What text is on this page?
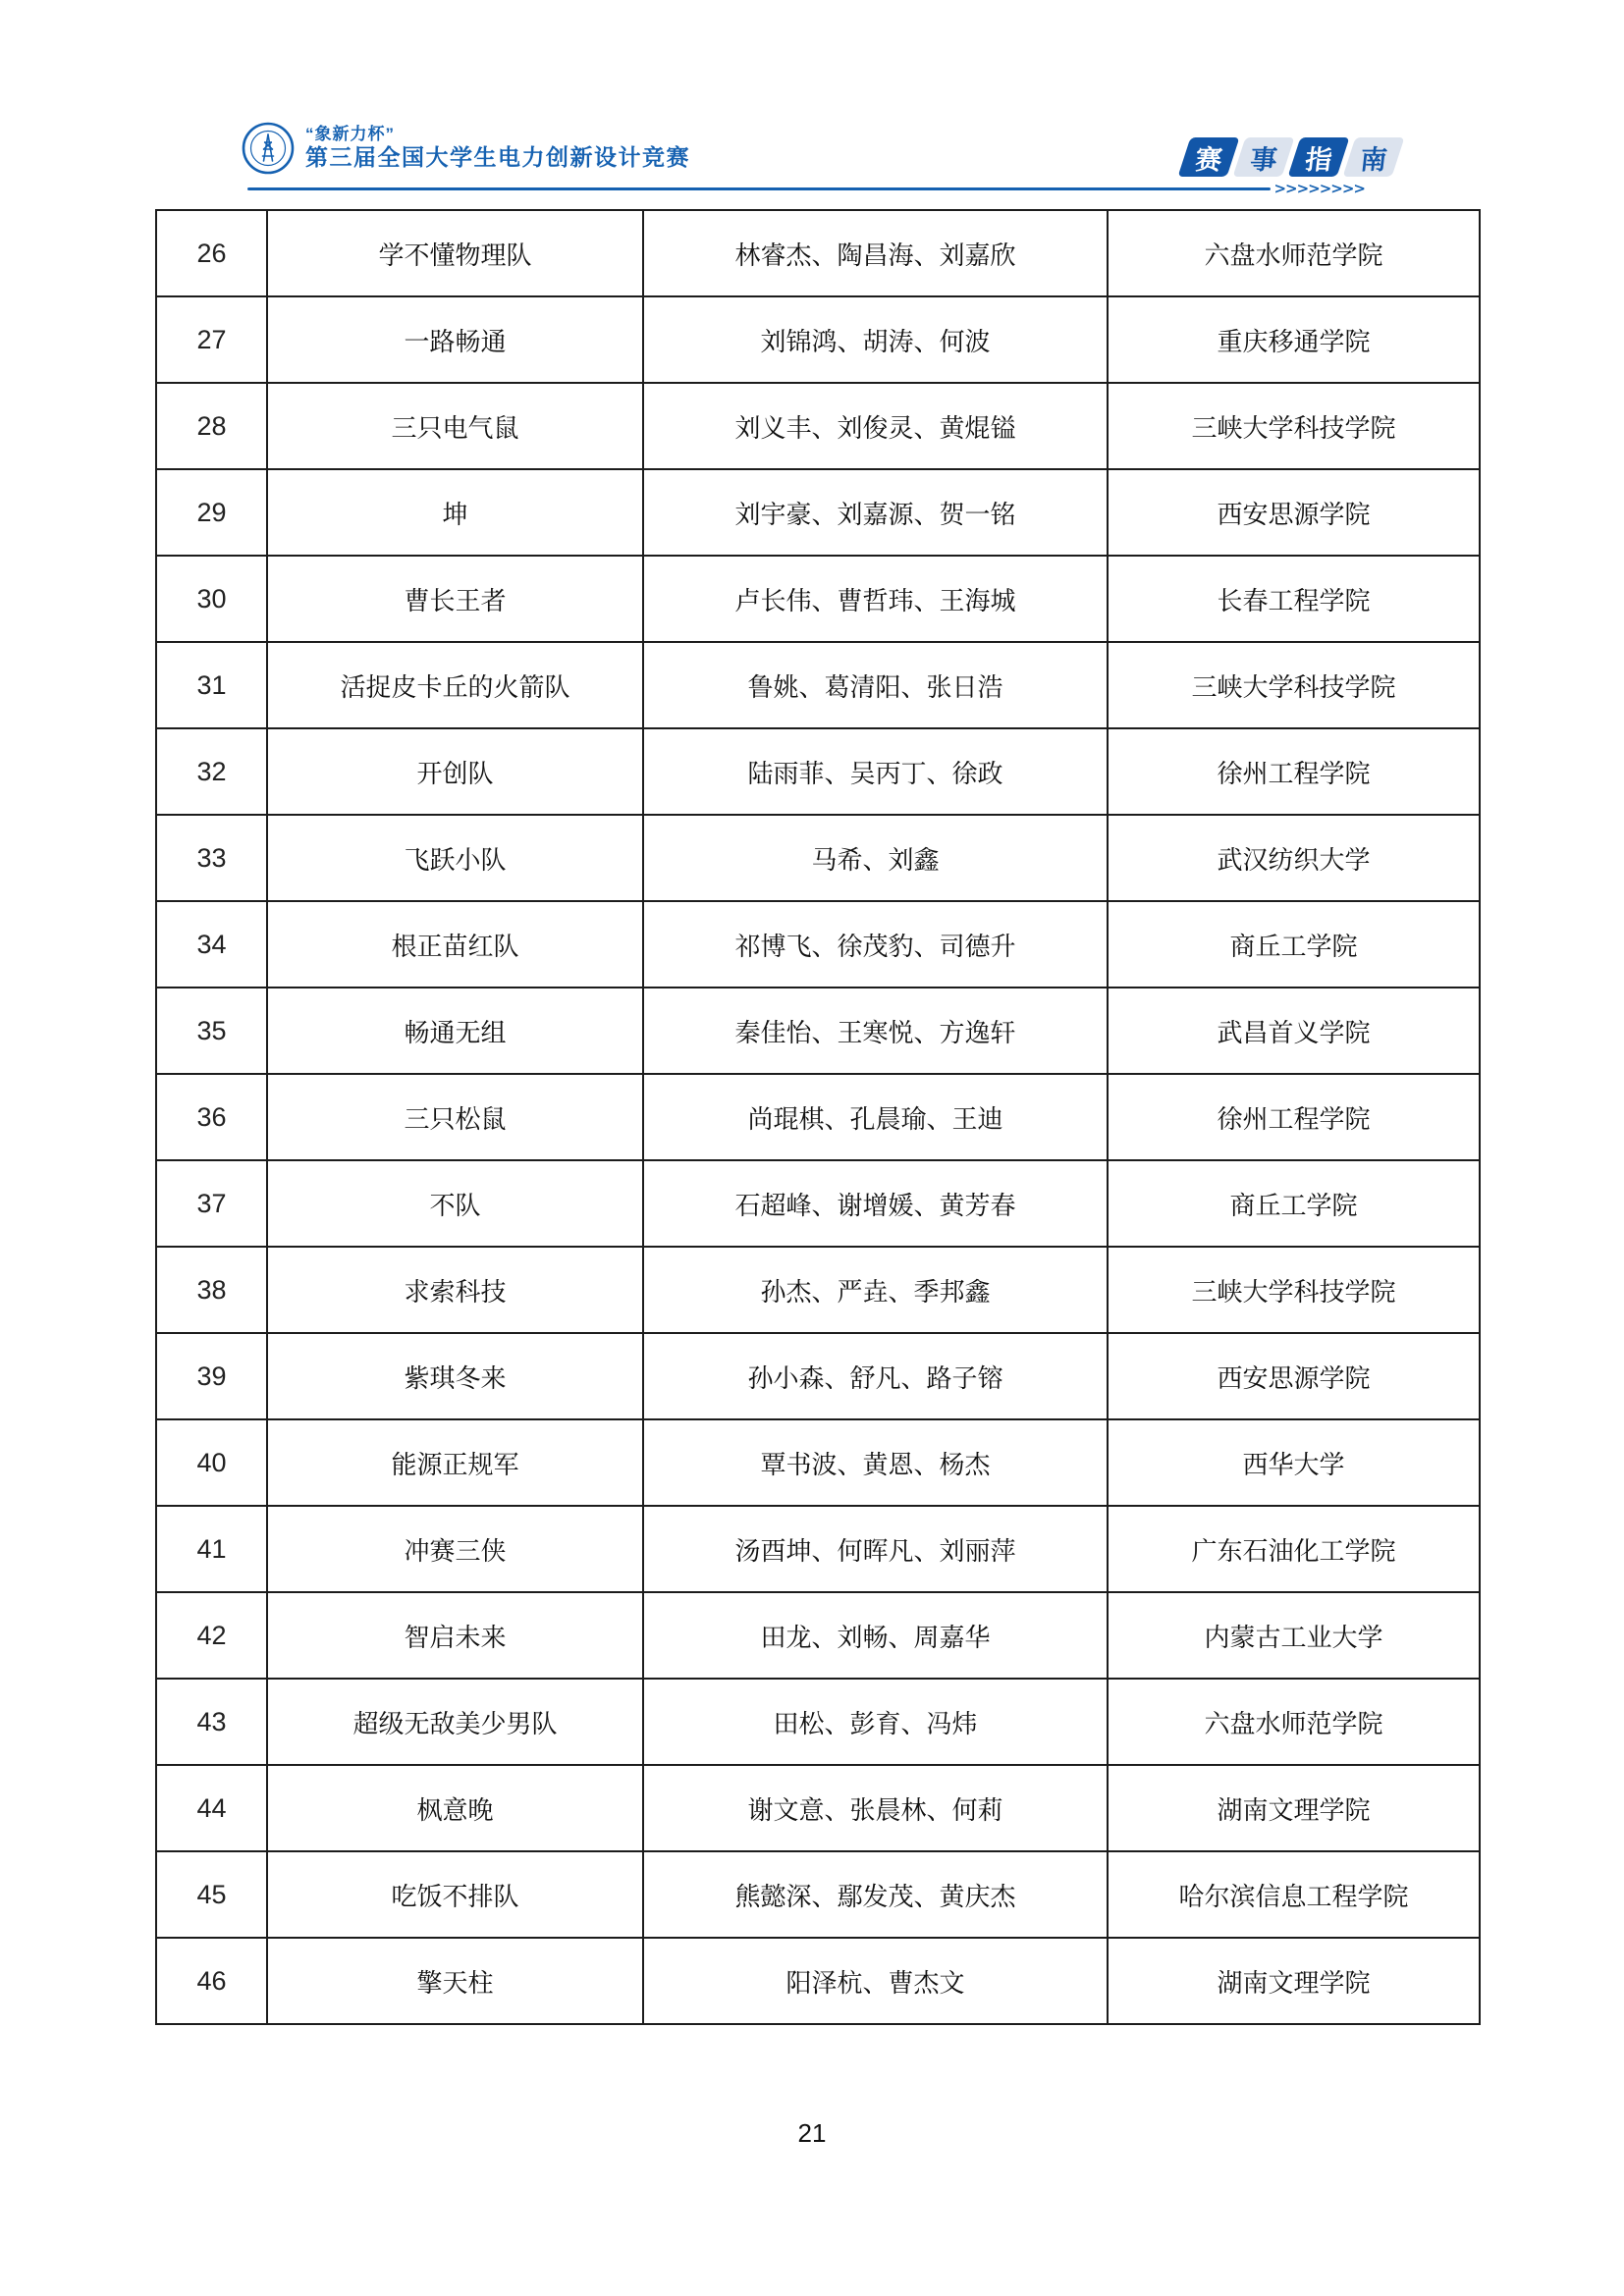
“象新力杯”
第三届全国大学生电力创新设计竞赛	赛 事 指 南
>>>>>>>>
26	学不懂物理队	林睿杰、陶昌海、刘嘉欣	六盘水师范学院
27	一路畅通	刘锦鸿、胡涛、何波	重庆移通学院
28	三只电气鼠	刘义丰、刘俊灵、黄焜镒	三峡大学科技学院
29	坤	刘宇豪、刘嘉源、贺一铭	西安思源学院
30	曹长王者	卢长伟、曹哲玮、王海城	长春工程学院
31	活捉皮卡丘的火箭队	鲁姚、葛清阳、张日浩	三峡大学科技学院
32	开创队	陆雨菲、吴丙丁、徐政	徐州工程学院
33	飞跃小队	马希、刘鑫	武汉纺织大学
34	根正苗红队	祁博飞、徐茂豹、司德升	商丘工学院
35	畅通无组	秦佳怡、王寒悦、方逸轩	武昌首义学院
36	三只松鼠	尚琨棋、孔晨瑜、王迪	徐州工程学院
37	不队	石超峰、谢增媛、黄芳春	商丘工学院
38	求索科技	孙杰、严垚、季邦鑫	三峡大学科技学院
39	紫琪冬来	孙小森、舒凡、路子镕	西安思源学院
40	能源正规军	覃书波、黄恩、杨杰	西华大学
41	冲赛三侠	汤酉坤、何晖凡、刘丽萍	广东石油化工学院
42	智启未来	田龙、刘畅、周嘉华	内蒙古工业大学
43	超级无敌美少男队	田松、彭育、冯炜	六盘水师范学院
44	枫意晚	谢文意、张晨林、何莉	湖南文理学院
45	吃饭不排队	熊懿深、鄢发茂、黄庆杰	哈尔滨信息工程学院
46	擎天柱	阳泽杭、曹杰文	湖南文理学院
21
